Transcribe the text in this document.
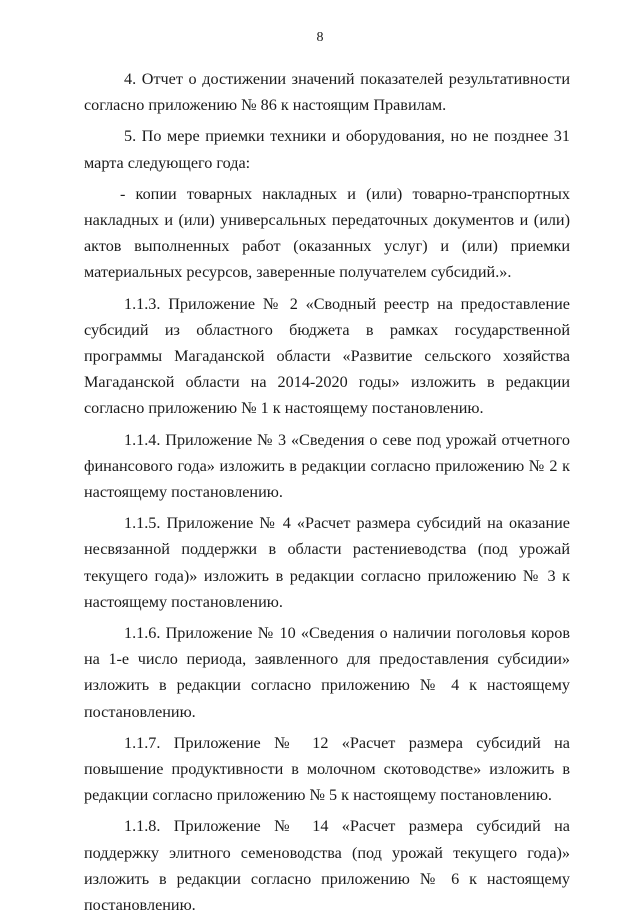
8

4. Отчет о достижении значений показателей результативности согласно приложению № 86 к настоящим Правилам.

5. По мере приемки техники и оборудования, но не позднее 31 марта следующего года:

- копии товарных накладных и (или) товарно-транспортных накладных и (или) универсальных передаточных документов и (или) актов выполненных работ (оказанных услуг) и (или) приемки материальных ресурсов, заверенные получателем субсидий.».

1.1.3. Приложение № 2 «Сводный реестр на предоставление субсидий из областного бюджета в рамках государственной программы Магаданской области «Развитие сельского хозяйства Магаданской области на 2014-2020 годы» изложить в редакции согласно приложению № 1 к настоящему постановлению.

1.1.4. Приложение № 3 «Сведения о севе под урожай отчетного финансового года» изложить в редакции согласно приложению № 2 к настоящему постановлению.

1.1.5. Приложение № 4 «Расчет размера субсидий на оказание несвязанной поддержки в области растениеводства (под урожай текущего года)» изложить в редакции согласно приложению № 3 к настоящему постановлению.

1.1.6. Приложение № 10 «Сведения о наличии поголовья коров на 1-е число периода, заявленного для предоставления субсидии» изложить в редакции согласно приложению № 4 к настоящему постановлению.

1.1.7. Приложение № 12 «Расчет размера субсидий на повышение продуктивности в молочном скотоводстве» изложить в редакции согласно приложению № 5 к настоящему постановлению.

1.1.8. Приложение № 14 «Расчет размера субсидий на поддержку элитного семеноводства (под урожай текущего года)» изложить в редакции согласно приложению № 6 к настоящему постановлению.
